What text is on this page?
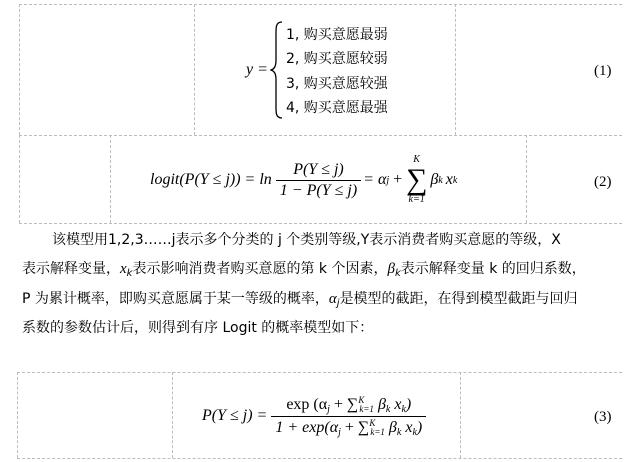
y =
1, 购买意愿最弱
2, 购买意愿较弱
3, 购买意愿较强
4, 购买意愿最强
(1)
logit(P(Y ≤ $j)) = \ln \frac{P(Y \le j)}{1 - P(Y \le j)} = \alpha$ j +
K
∑
k=1
β k x k	(2)
该模型用1,2,3……j表示多个分类的 j 个类别等级,Y表示消费者购买意愿的等级，X
表示解释变量，$x_k$表示影响消费者购买意愿的第 k 个因素，$\beta_k$表示解释变量 k 的回归系数，
P 为累计概率，即购买意愿属于某一等级的概率，$\alpha_j$是模型的截距，在得到模型截距与回归
系数的参数估计后，则得到有序 Logit 的概率模型如下：
$P(Y \le j) = \frac{\exp (\alpha_j + \sum^Kk=1 \beta_k x_k)}{1 + \exp(\alpha_j + \sum^Kk=1 \beta_k x_k)}$	(3)
